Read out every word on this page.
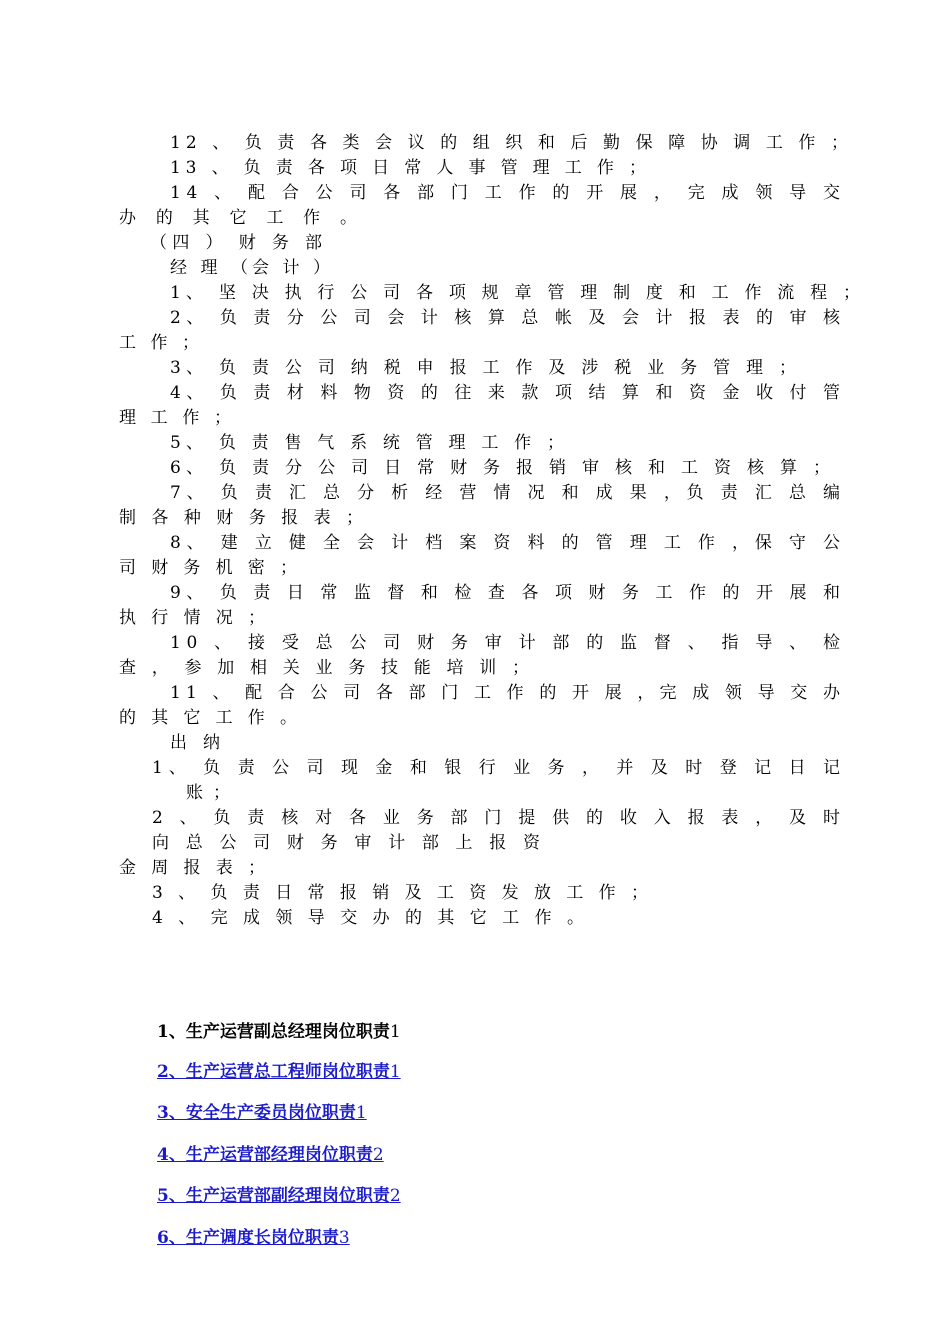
12 、 负 责 各 类 会 议 的 组 织 和 后 勤 保 障 协 调 工 作 ；
13 、 负 责 各 项 日 常 人 事 管 理 工 作 ；
14 、 配 合 公 司 各 部 门 工 作 的 开 展 ， 完 成 领 导 交
办 的 其 它 工 作 。
（四 ） 财 务 部
经 理 （会 计 ）
1、 坚 决 执 行 公 司 各 项 规 章 管 理 制 度 和 工 作 流 程 ；
2、 负 责 分 公 司 会 计 核 算 总 帐 及 会 计 报 表 的 审 核
工 作 ；
3、 负 责 公 司 纳 税 申 报 工 作 及 涉 税 业 务 管 理 ；
4、 负 责 材 料 物 资 的 往 来 款 项 结 算 和 资 金 收 付 管
理 工 作 ；
5、 负 责 售 气 系 统 管 理 工 作 ；
6、 负 责 分 公 司 日 常 财 务 报 销 审 核 和 工 资 核 算 ；
7、 负 责 汇 总 分 析 经 营 情 况 和 成 果 ，负 责 汇 总 编
制 各 种 财 务 报 表 ；
8、 建 立 健 全 会 计 档 案 资 料 的 管 理 工 作 ，保 守 公
司 财 务 机 密 ；
9、 负 责 日 常 监 督 和 检 查 各 项 财 务 工 作 的 开 展 和
执 行 情 况 ；
10 、 接 受 总 公 司 财 务 审 计 部 的 监 督 、 指 导 、 检
查 ， 参 加 相 关 业 务 技 能 培 训 ；
11 、 配 合 公 司 各 部 门 工 作 的 开 展 ，完 成 领 导 交 办
的 其 它 工 作 。
出 纳
1、 负 责 公 司 现 金 和 银 行 业 务 ， 并 及 时 登 记 日 记
账 ；
2 、 负 责 核 对 各 业 务 部 门 提 供 的 收 入 报 表 ， 及 时
向 总 公 司 财 务 审 计 部 上 报 资
金 周 报 表 ；
3 、 负 责 日 常 报 销 及 工 资 发 放 工 作 ；
4 、 完 成 领 导 交 办 的 其 它 工 作 。
1、生产运营副总经理岗位职责1
2、生产运营总工程师岗位职责1
3、安全生产委员岗位职责1
4、生产运营部经理岗位职责2
5、生产运营部副经理岗位职责2
6、生产调度长岗位职责3
